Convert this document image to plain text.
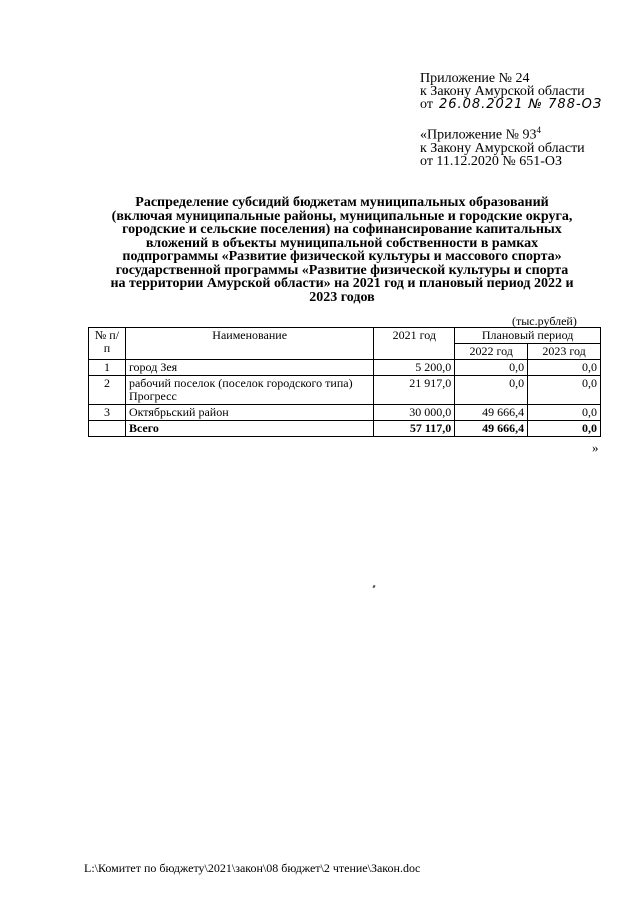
Приложение № 24
к Закону Амурской области
от 26.08.2021 № 788-ОЗ
«Приложение № $93^4$
к Закону Амурской области
от 11.12.2020 № 651-ОЗ
Распределение субсидий бюджетам муниципальных образований
(включая муниципальные районы, муниципальные и городские округа,
городские и сельские поселения) на софинансирование капитальных
вложений в объекты муниципальной собственности в рамках
подпрограммы «Развитие физической культуры и массового спорта»
государственной программы «Развитие физической культуры и спорта
на территории Амурской области» на 2021 год и плановый период 2022 и
2023 годов
(тыс.рублей)
№ п/п	Наименование	2021 год	Плановый период	
			2022 год	2023 год
1	город Зея	5 200,0	0,0	0,0
2	рабочий поселок (поселок городского типа) Прогресс	21 917,0	0,0	0,0
3	Октябрьский район	30 000,0	49 666,4	0,0
	Всего	57 117,0	49 666,4	0,0
»
L:\Комитет по бюджету\2021\закон\08 бюджет\2 чтение\Закон.doc
